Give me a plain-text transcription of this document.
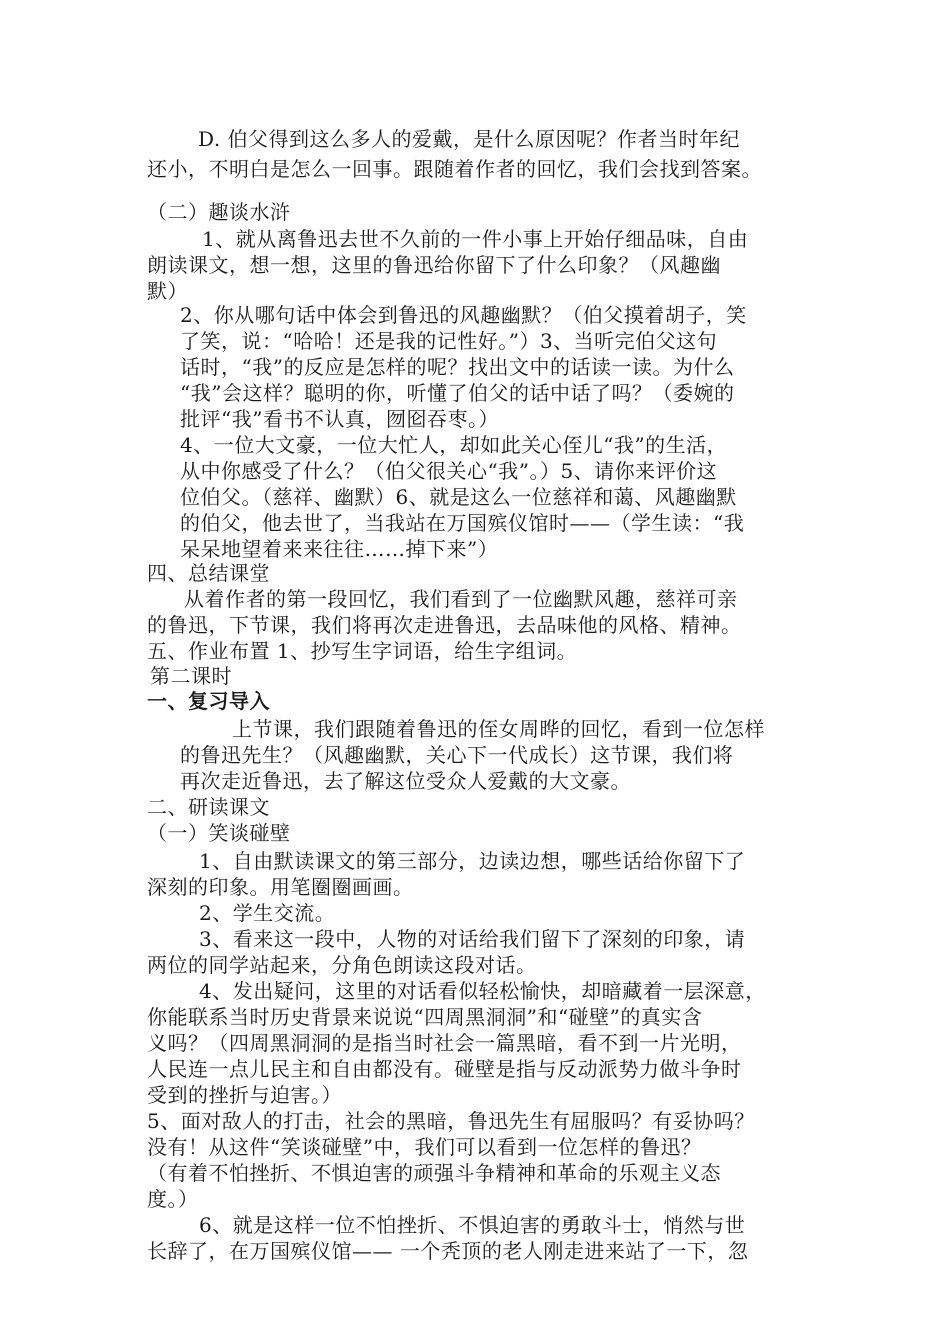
D. 伯父得到这么多人的爱戴，是什么原因呢？作者当时年纪
还小，不明白是怎么一回事。跟随着作者的回忆，我们会找到答案。
（二）趣谈水浒
1、就从离鲁迅去世不久前的一件小事上开始仔细品味，自由
朗读课文，想一想，这里的鲁迅给你留下了什么印象？（风趣幽
默）
2、你从哪句话中体会到鲁迅的风趣幽默？（伯父摸着胡子，笑
了笑，说：“哈哈！还是我的记性好。”）3、当听完伯父这句
话时，“我”的反应是怎样的呢？找出文中的话读一读。为什么
“我”会这样？聪明的你，听懂了伯父的话中话了吗？（委婉的
批评“我”看书不认真，囫囵吞枣。）
4、一位大文豪，一位大忙人，却如此关心侄儿“我”的生活，
从中你感受了什么？（伯父很关心“我”。）5、请你来评价这
位伯父。（慈祥、幽默）6、就是这么一位慈祥和蔼、风趣幽默
的伯父，他去世了，当我站在万国殡仪馆时——（学生读：“我
呆呆地望着来来往往……掉下来”）
四、总结课堂
从着作者的第一段回忆，我们看到了一位幽默风趣，慈祥可亲
的鲁迅，下节课，我们将再次走进鲁迅，去品味他的风格、精神。
五、作业布置 1、抄写生字词语，给生字组词。
第二课时
一、复习导入
上节课，我们跟随着鲁迅的侄女周晔的回忆，看到一位怎样
的鲁迅先生？（风趣幽默，关心下一代成长）这节课，我们将
再次走近鲁迅，去了解这位受众人爱戴的大文豪。
二、研读课文
（一）笑谈碰壁
1、自由默读课文的第三部分，边读边想，哪些话给你留下了
深刻的印象。用笔圈圈画画。
2、学生交流。
3、看来这一段中，人物的对话给我们留下了深刻的印象，请
两位的同学站起来，分角色朗读这段对话。
4、发出疑问，这里的对话看似轻松愉快，却暗藏着一层深意，
你能联系当时历史背景来说说“四周黑洞洞”和“碰壁”的真实含
义吗？（四周黑洞洞的是指当时社会一篇黑暗，看不到一片光明，
人民连一点儿民主和自由都没有。碰壁是指与反动派势力做斗争时
受到的挫折与迫害。）
5、面对敌人的打击，社会的黑暗，鲁迅先生有屈服吗？有妥协吗？
没有！从这件“笑谈碰壁”中，我们可以看到一位怎样的鲁迅？
（有着不怕挫折、不惧迫害的顽强斗争精神和革命的乐观主义态
度。）
6、就是这样一位不怕挫折、不惧迫害的勇敢斗士，悄然与世
长辞了，在万国殡仪馆—— 一个秃顶的老人刚走进来站了一下，忽
